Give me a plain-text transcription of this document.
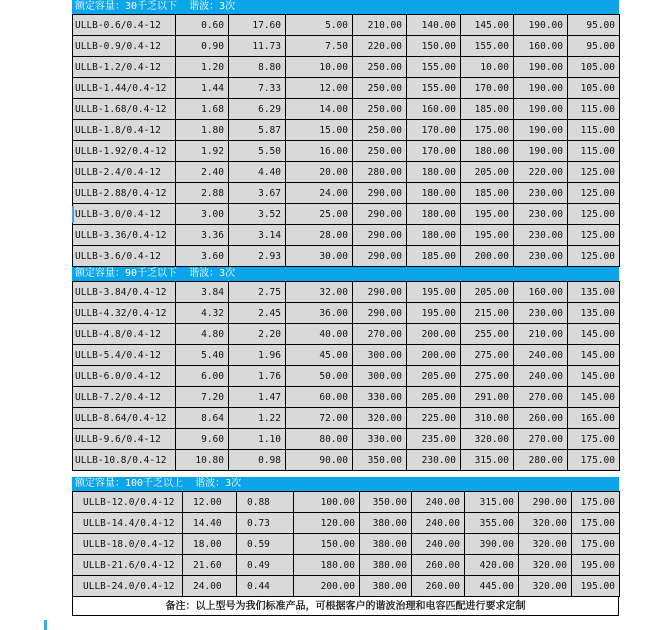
额定容量：30千乏以下  谐波：3次
ULLB-0.6/0.4-12	0.60	17.60	5.00	210.00	140.00	145.00	190.00	95.00
ULLB-0.9/0.4-12	0.90	11.73	7.50	220.00	150.00	155.00	160.00	95.00
ULLB-1.2/0.4-12	1.20	8.80	10.00	250.00	155.00	10.00	190.00	105.00
ULLB-1.44/0.4-12	1.44	7.33	12.00	250.00	155.00	170.00	190.00	105.00
ULLB-1.68/0.4-12	1.68	6.29	14.00	250.00	160.00	185.00	190.00	115.00
ULLB-1.8/0.4-12	1.80	5.87	15.00	250.00	170.00	175.00	190.00	115.00
ULLB-1.92/0.4-12	1.92	5.50	16.00	250.00	170.00	180.00	190.00	115.00
ULLB-2.4/0.4-12	2.40	4.40	20.00	280.00	180.00	205.00	220.00	125.00
ULLB-2.88/0.4-12	2.88	3.67	24.00	290.00	180.00	185.00	230.00	125.00
ULLB-3.0/0.4-12	3.00	3.52	25.00	290.00	180.00	195.00	230.00	125.00
ULLB-3.36/0.4-12	3.36	3.14	28.00	290.00	180.00	195.00	230.00	125.00
ULLB-3.6/0.4-12	3.60	2.93	30.00	290.00	185.00	200.00	230.00	125.00
额定容量：90千乏以下  谐波：3次
ULLB-3.84/0.4-12	3.84	2.75	32.00	290.00	195.00	205.00	160.00	135.00
ULLB-4.32/0.4-12	4.32	2.45	36.00	290.00	195.00	215.00	230.00	135.00
ULLB-4.8/0.4-12	4.80	2.20	40.00	270.00	200.00	255.00	210.00	145.00
ULLB-5.4/0.4-12	5.40	1.96	45.00	300.00	200.00	275.00	240.00	145.00
ULLB-6.0/0.4-12	6.00	1.76	50.00	300.00	205.00	275.00	240.00	145.00
ULLB-7.2/0.4-12	7.20	1.47	60.00	330.00	205.00	291.00	270.00	145.00
ULLB-8.64/0.4-12	8.64	1.22	72.00	320.00	225.00	310.00	260.00	165.00
ULLB-9.6/0.4-12	9.60	1.10	80.00	330.00	235.00	320.00	270.00	175.00
ULLB-10.8/0.4-12	10.80	0.98	90.00	350.00	230.00	315.00	280.00	175.00
额定容量：100千乏以上  谐波：3次
ULLB-12.0/0.4-12	12.00	0.88	100.00	350.00	240.00	315.00	290.00	175.00
ULLB-14.4/0.4-12	14.40	0.73	120.00	380.00	240.00	355.00	320.00	175.00
ULLB-18.0/0.4-12	18.00	0.59	150.00	380.00	240.00	390.00	320.00	175.00
ULLB-21.6/0.4-12	21.60	0.49	180.00	380.00	260.00	420.00	320.00	195.00
ULLB-24.0/0.4-12	24.00	0.44	200.00	380.00	260.00	445.00	320.00	195.00
备注：以上型号为我们标准产品，可根据客户的谐波治理和电容匹配进行要求定制
